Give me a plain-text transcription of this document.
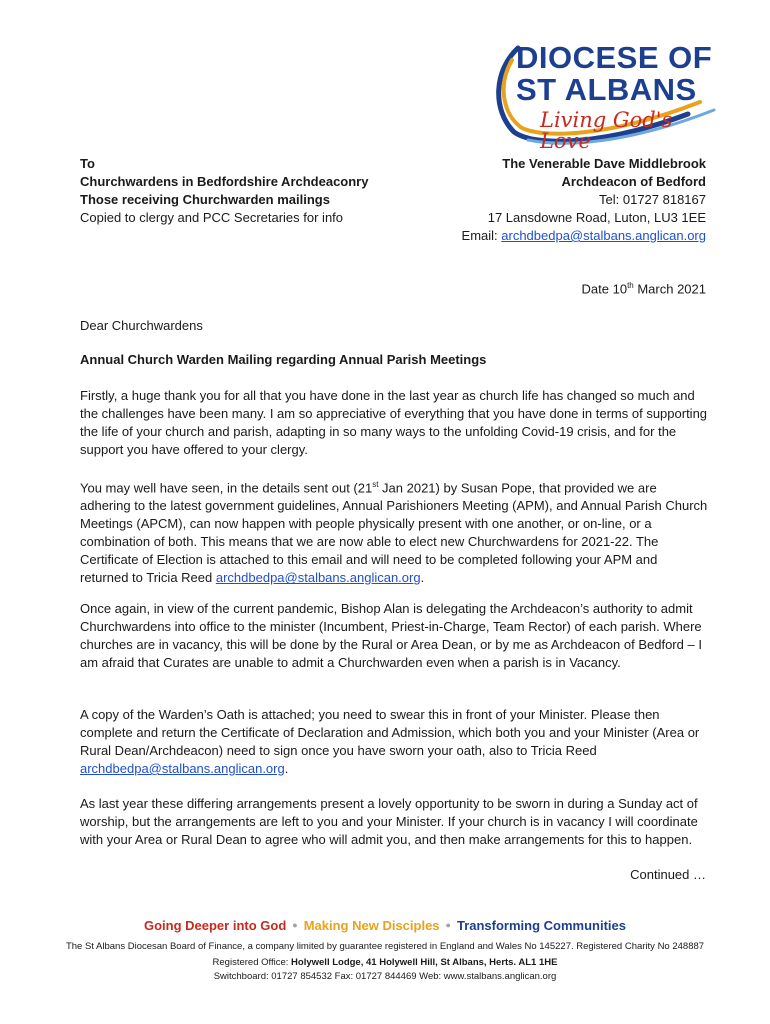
DIOCESE OF
ST ALBANS
Living God's Love
To
Churchwardens in Bedfordshire Archdeaconry
Those receiving Churchwarden mailings
Copied to clergy and PCC Secretaries for info
The Venerable Dave Middlebrook
Archdeacon of Bedford
Tel: 01727 818167
17 Lansdowne Road, Luton, LU3 1EE
Email: archdbedpa@stalbans.anglican.org
Date 10th March 2021
Dear Churchwardens
Annual Church Warden Mailing regarding Annual Parish Meetings
Firstly, a huge thank you for all that you have done in the last year as church life has changed so much and the challenges have been many. I am so appreciative of everything that you have done in terms of supporting the life of your church and parish, adapting in so many ways to the unfolding Covid-19 crisis, and for the support you have offered to your clergy.
You may well have seen, in the details sent out (21st Jan 2021) by Susan Pope, that provided we are adhering to the latest government guidelines, Annual Parishioners Meeting (APM), and Annual Parish Church Meetings (APCM), can now happen with people physically present with one another, or on-line, or a combination of both. This means that we are now able to elect new Churchwardens for 2021-22. The Certificate of Election is attached to this email and will need to be completed following your APM and returned to Tricia Reed archdbedpa@stalbans.anglican.org.
Once again, in view of the current pandemic, Bishop Alan is delegating the Archdeacon’s authority to admit Churchwardens into office to the minister (Incumbent, Priest-in-Charge, Team Rector) of each parish. Where churches are in vacancy, this will be done by the Rural or Area Dean, or by me as Archdeacon of Bedford – I am afraid that Curates are unable to admit a Churchwarden even when a parish is in Vacancy.
A copy of the Warden’s Oath is attached; you need to swear this in front of your Minister. Please then complete and return the Certificate of Declaration and Admission, which both you and your Minister (Area or Rural Dean/Archdeacon) need to sign once you have sworn your oath, also to Tricia Reed archdbedpa@stalbans.anglican.org.
As last year these differing arrangements present a lovely opportunity to be sworn in during a Sunday act of worship, but the arrangements are left to you and your Minister. If your church is in vacancy I will coordinate with your Area or Rural Dean to agree who will admit you, and then make arrangements for this to happen.
Continued …
Going Deeper into God ● Making New Disciples ● Transforming Communities
The St Albans Diocesan Board of Finance, a company limited by guarantee registered in England and Wales No 145227. Registered Charity No 248887
Registered Office: Holywell Lodge, 41 Holywell Hill, St Albans, Herts. AL1 1HE
Switchboard: 01727 854532 Fax: 01727 844469 Web: www.stalbans.anglican.org
